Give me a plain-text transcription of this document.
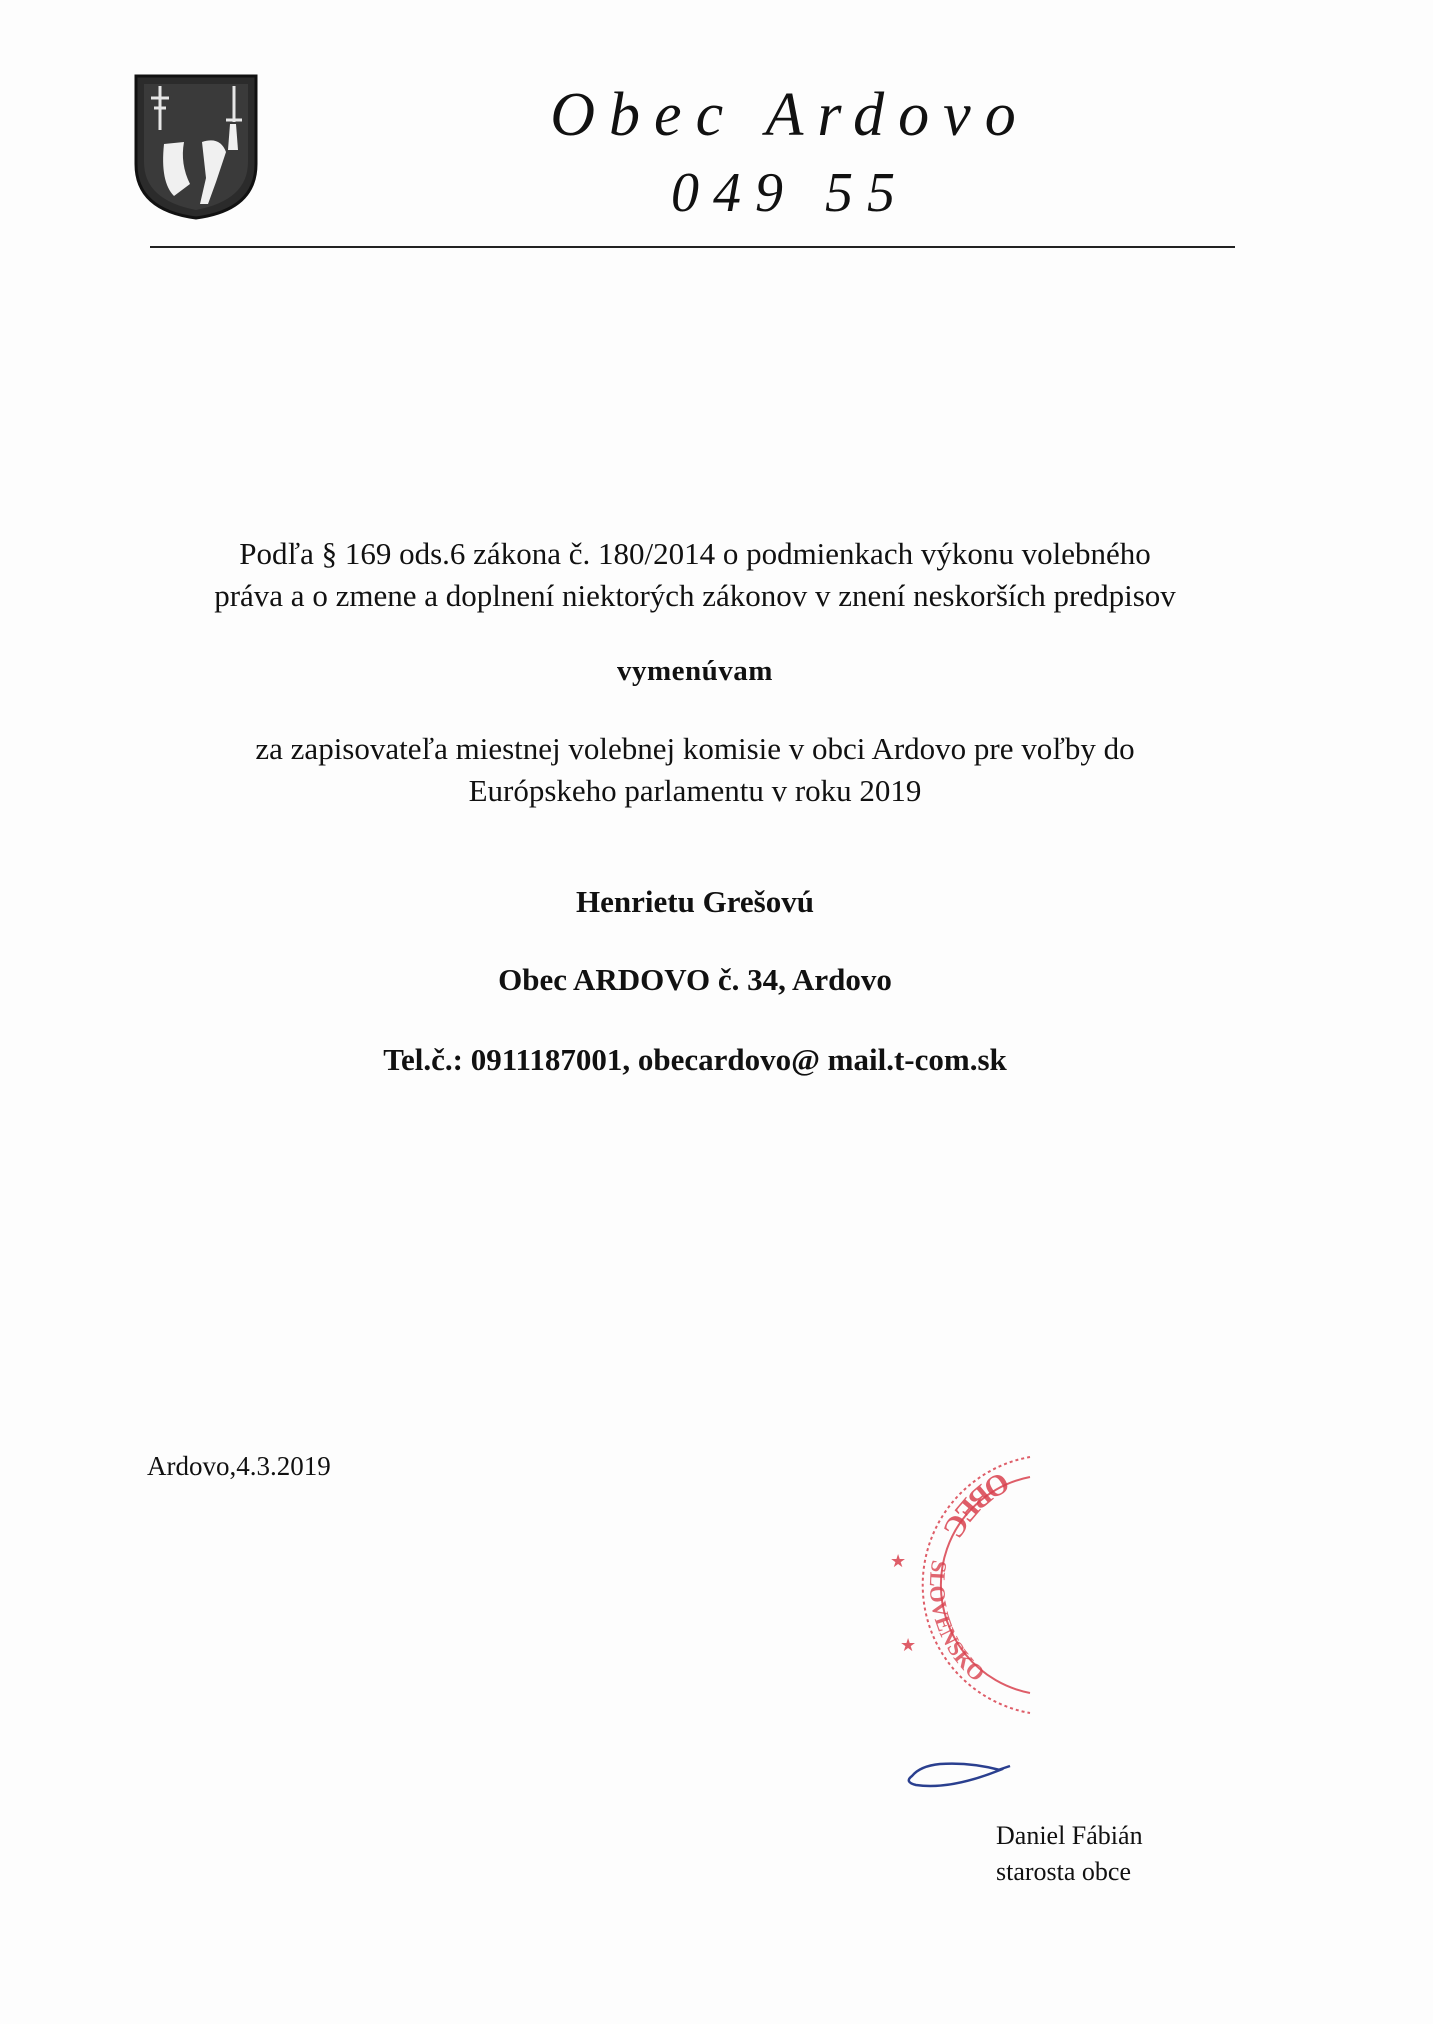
Obec Ardovo
049 55
Podľa § 169 ods.6 zákona č. 180/2014 o podmienkach výkonu volebného
práva a o zmene a doplnení niektorých zákonov v znení neskorších predpisov
vymenúvam
za zapisovateľa miestnej volebnej komisie v obci Ardovo pre voľby do
Európskeho parlamentu v roku 2019
Henrietu Grešovú
Obec ARDOVO č. 34, Ardovo
Tel.č.: 0911187001, obecardovo@ mail.t-com.sk
Ardovo,4.3.2019	OBEC
SLOVENSKO
★
★
Daniel Fábián
starosta obce
